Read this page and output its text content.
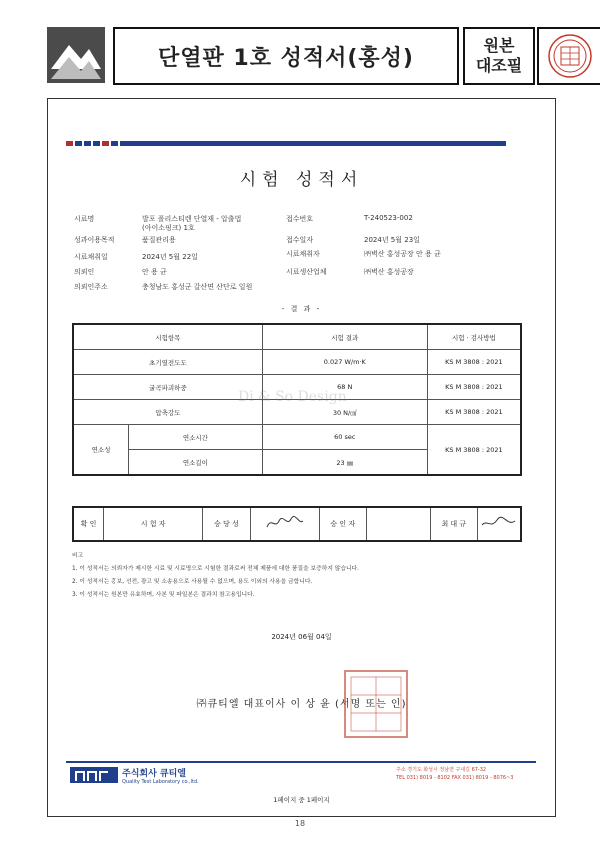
단열판 1호 성적서(홍성)	원본
대조필
시험 성적서
시료명	발포 폴리스티렌 단열재 - 압출법
(아이소핑크) 1호
성과이용목적	품질관리용
시료채취일	2024년 5월 22일
의뢰인	안 용 균
의뢰인주소	충청남도 홍성군 갈산면 산단로 일원
접수번호	T-240523-002
접수일자	2024년 5월 23일
시료채취자	㈜벽산 홍성공장 안 용 균
시료생산업체	㈜벽산 홍성공장
- 결 과 -
시험항목		시험 결과	시험 · 검사방법
초기열전도도		0.027 W/m·K	KS M 3808 : 2021
굴곡파괴하중		68 N	KS M 3808 : 2021
압축강도		30 N/㎠	KS M 3808 : 2021
연소성	연소시간	60 sec	KS M 3808 : 2021
	연소길이	23 ㎜	
Di & So Design
확 인	시 험 자	승 당 성		승 인 자		최 대 규	
비고
1. 이 성적서는 의뢰자가 제시한 시료 및 시료명으로 시험한 결과로써 전체 제품에 대한 품질을 보증하지 않습니다.
2. 이 성적서는 홍보, 선전, 광고 및 소송용으로 사용될 수 없으며, 용도 이외의 사용을 금합니다.
3. 이 성적서는 원본만 유효하며, 사본 및 파일본은 결과치 참고용입니다.
2024년 06월 04일
㈜큐티엘 대표이사 이 상 윤 (서명 또는 인)
주식회사 큐티엘
Quality Test Laboratory co.,ltd.
주소 경기도 화성시 정남면 구내길 67-32
TEL 031) 8019 - 8102 FAX 031) 8019 - 8076~3
1페이지 중 1페이지
18
